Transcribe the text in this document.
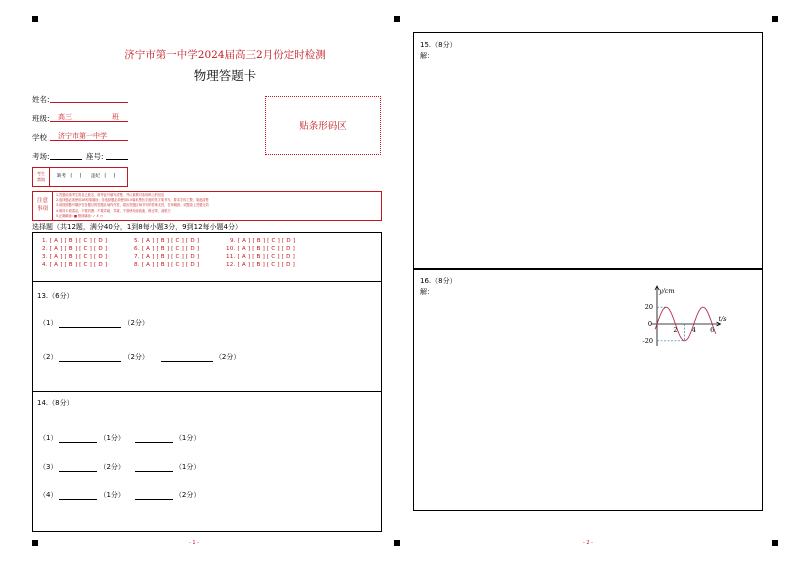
济宁市第一中学2024届高三2月份定时检测
物理答题卡
姓名:
班级: 高三	班
学校 济宁市第一中学
考场:	座号:
贴条形码区
考生
禁填
缺考 [ ] 违纪 [ ]
注意
事项
1.答题前请考生将自己姓名、准考证号填写清楚，并认真核对条形码上的信息
2.选择题必须使用2B铅笔填涂；非选择题必须使用0.5毫米黑色字迹的签字笔书写，要求字体工整，笔迹清楚
3.请按照题号顺序在各题目的答题区域内作答，超出答题区域书写的答案无效，在草稿纸、试题卷上答题无效
4.保持卡面清洁，不要折叠、不要弄破、弄皱，不准使用涂改液、修正带、刮纸刀
5.正确填涂: ■ 错误填涂: ✓ ✗ ○
选择题（共12题，满分40分，1到8每小题3分，9到12每小题4分）
1. [ A ] [ B ] [ C ] [ D ]
2. [ A ] [ B ] [ C ] [ D ]
3. [ A ] [ B ] [ C ] [ D ]
4. [ A ] [ B ] [ C ] [ D ]
5. [ A ] [ B ] [ C ] [ D ]
6. [ A ] [ B ] [ C ] [ D ]
7. [ A ] [ B ] [ C ] [ D ]
8. [ A ] [ B ] [ C ] [ D ]
9. [ A ] [ B ] [ C ] [ D ]
10. [ A ] [ B ] [ C ] [ D ]
11. [ A ] [ B ] [ C ] [ D ]
12. [ A ] [ B ] [ C ] [ D ]
13.（6分）
（1）	（2分）
（2）	（2分）	（2分）
14.（8分）
（1）	（1分）	（1分）
（3）	（2分）	（1分）
（4）	（1分）	（2分）
- 1 -
15.（8分）
解：
16.（8分）
解：	y/cm
t/s
0
20
-20
2 4 6
- 2 -
